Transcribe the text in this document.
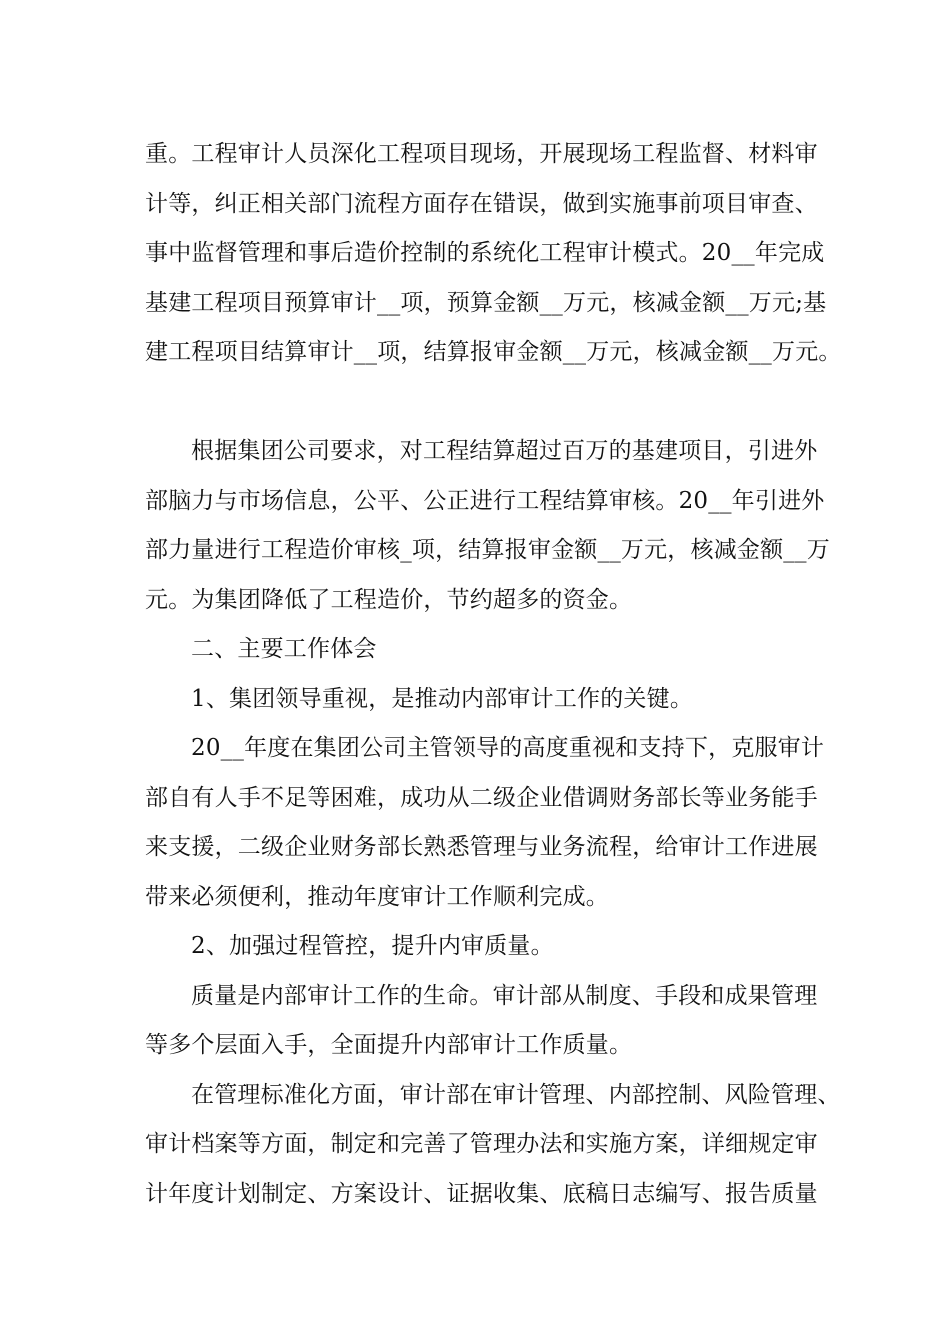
重。工程审计人员深化工程项目现场，开展现场工程监督、材料审
计等，纠正相关部门流程方面存在错误，做到实施事前项目审查、
事中监督管理和事后造价控制的系统化工程审计模式。20__年完成
基建工程项目预算审计__项，预算金额__万元，核减金额__万元;基
建工程项目结算审计__项，结算报审金额__万元，核减金额__万元。
根据集团公司要求，对工程结算超过百万的基建项目，引进外
部脑力与市场信息，公平、公正进行工程结算审核。20__年引进外
部力量进行工程造价审核_项，结算报审金额__万元，核减金额__万
元。为集团降低了工程造价，节约超多的资金。
二、主要工作体会
1、集团领导重视，是推动内部审计工作的关键。
20__年度在集团公司主管领导的高度重视和支持下，克服审计
部自有人手不足等困难，成功从二级企业借调财务部长等业务能手
来支援，二级企业财务部长熟悉管理与业务流程，给审计工作进展
带来必须便利，推动年度审计工作顺利完成。
2、加强过程管控，提升内审质量。
质量是内部审计工作的生命。审计部从制度、手段和成果管理
等多个层面入手，全面提升内部审计工作质量。
在管理标准化方面，审计部在审计管理、内部控制、风险管理、
审计档案等方面，制定和完善了管理办法和实施方案，详细规定审
计年度计划制定、方案设计、证据收集、底稿日志编写、报告质量
